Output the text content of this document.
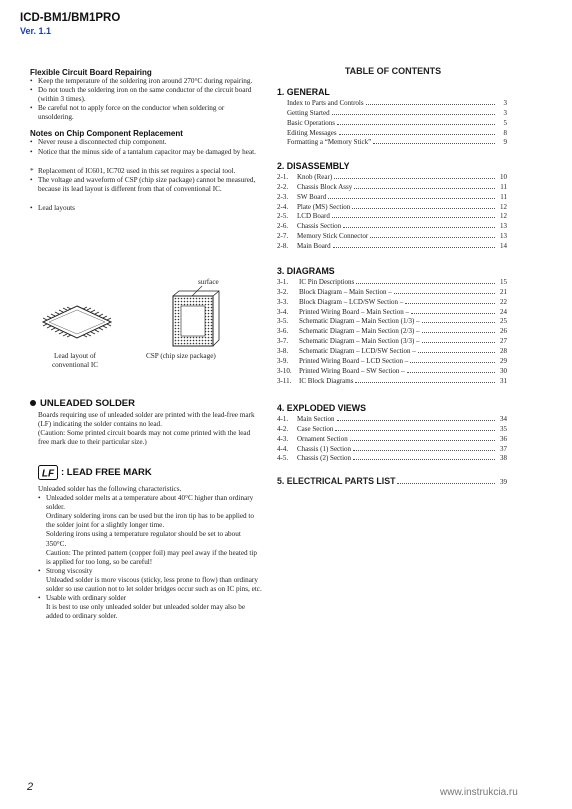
ICD-BM1/BM1PRO
Ver. 1.1
Flexible Circuit Board Repairing
• Keep the temperature of the soldering iron around 270°C during repairing.
• Do not touch the soldering iron on the same conductor of the circuit board (within 3 times).
• Be careful not to apply force on the conductor when soldering or unsoldering.
Notes on Chip Component Replacement
• Never reuse a disconnected chip component.
• Notice that the minus side of a tantalum capacitor may be damaged by heat.
* Replacement of IC601, IC702 used in this set requires a special tool.
• The voltage and waveform of CSP (chip size package) cannot be measured, because its lead layout is different from that of conventional IC.
• Lead layouts
surface
Lead layout of
conventional IC
CSP (chip size package)
UNLEADED SOLDER
Boards requiring use of unleaded solder are printed with the lead-free mark (LF) indicating the solder contains no lead.
(Caution: Some printed circuit boards may not come printed with the lead free mark due to their particular size.)
LF : LEAD FREE MARK
Unleaded solder has the following characteristics.
• Unleaded solder melts at a temperature about 40°C higher than ordinary solder.
Ordinary soldering irons can be used but the iron tip has to be applied to the solder joint for a slightly longer time.
Soldering irons using a temperature regulator should be set to about 350°C.
Caution: The printed pattern (copper foil) may peel away if the heated tip is applied for too long, so be careful!
• Strong viscosity
Unleaded solder is more viscous (sticky, less prone to flow) than ordinary solder so use caution not to let solder bridges occur such as on IC pins, etc.
• Usable with ordinary solder
It is best to use only unleaded solder but unleaded solder may also be added to ordinary solder.
TABLE OF CONTENTS
1. GENERAL
Index to Parts and Controls	3
Getting Started	3
Basic Operations	5
Editing Messages	8
Formatting a “Memory Stick”	9
2. DISASSEMBLY
2-1.	Knob (Rear)	10
2-2.	Chassis Block Assy	11
2-3.	SW Board	11
2-4.	Plate (MS) Section	12
2-5.	LCD Board	12
2-6.	Chassis Section	13
2-7.	Memory Stick Connector	13
2-8.	Main Board	14
3. DIAGRAMS
3-1.	IC Pin Descriptions	15
3-2.	Block Diagram – Main Section –	21
3-3.	Block Diagram – LCD/SW Section –	22
3-4.	Printed Wiring Board – Main Section –	24
3-5.	Schematic Diagram – Main Section (1/3) –	25
3-6.	Schematic Diagram – Main Section (2/3) –	26
3-7.	Schematic Diagram – Main Section (3/3) –	27
3-8.	Schematic Diagram – LCD/SW Section –	28
3-9.	Printed Wiring Board – LCD Section –	29
3-10.	Printed Wiring Board – SW Section –	30
3-11.	IC Block Diagrams	31
4. EXPLODED VIEWS
4-1.	Main Section	34
4-2.	Case Section	35
4-3.	Ornament Section	36
4-4.	Chassis (1) Section	37
4-5.	Chassis (2) Section	38
5. ELECTRICAL PARTS LIST	39
2	www.instrukcia.ru
